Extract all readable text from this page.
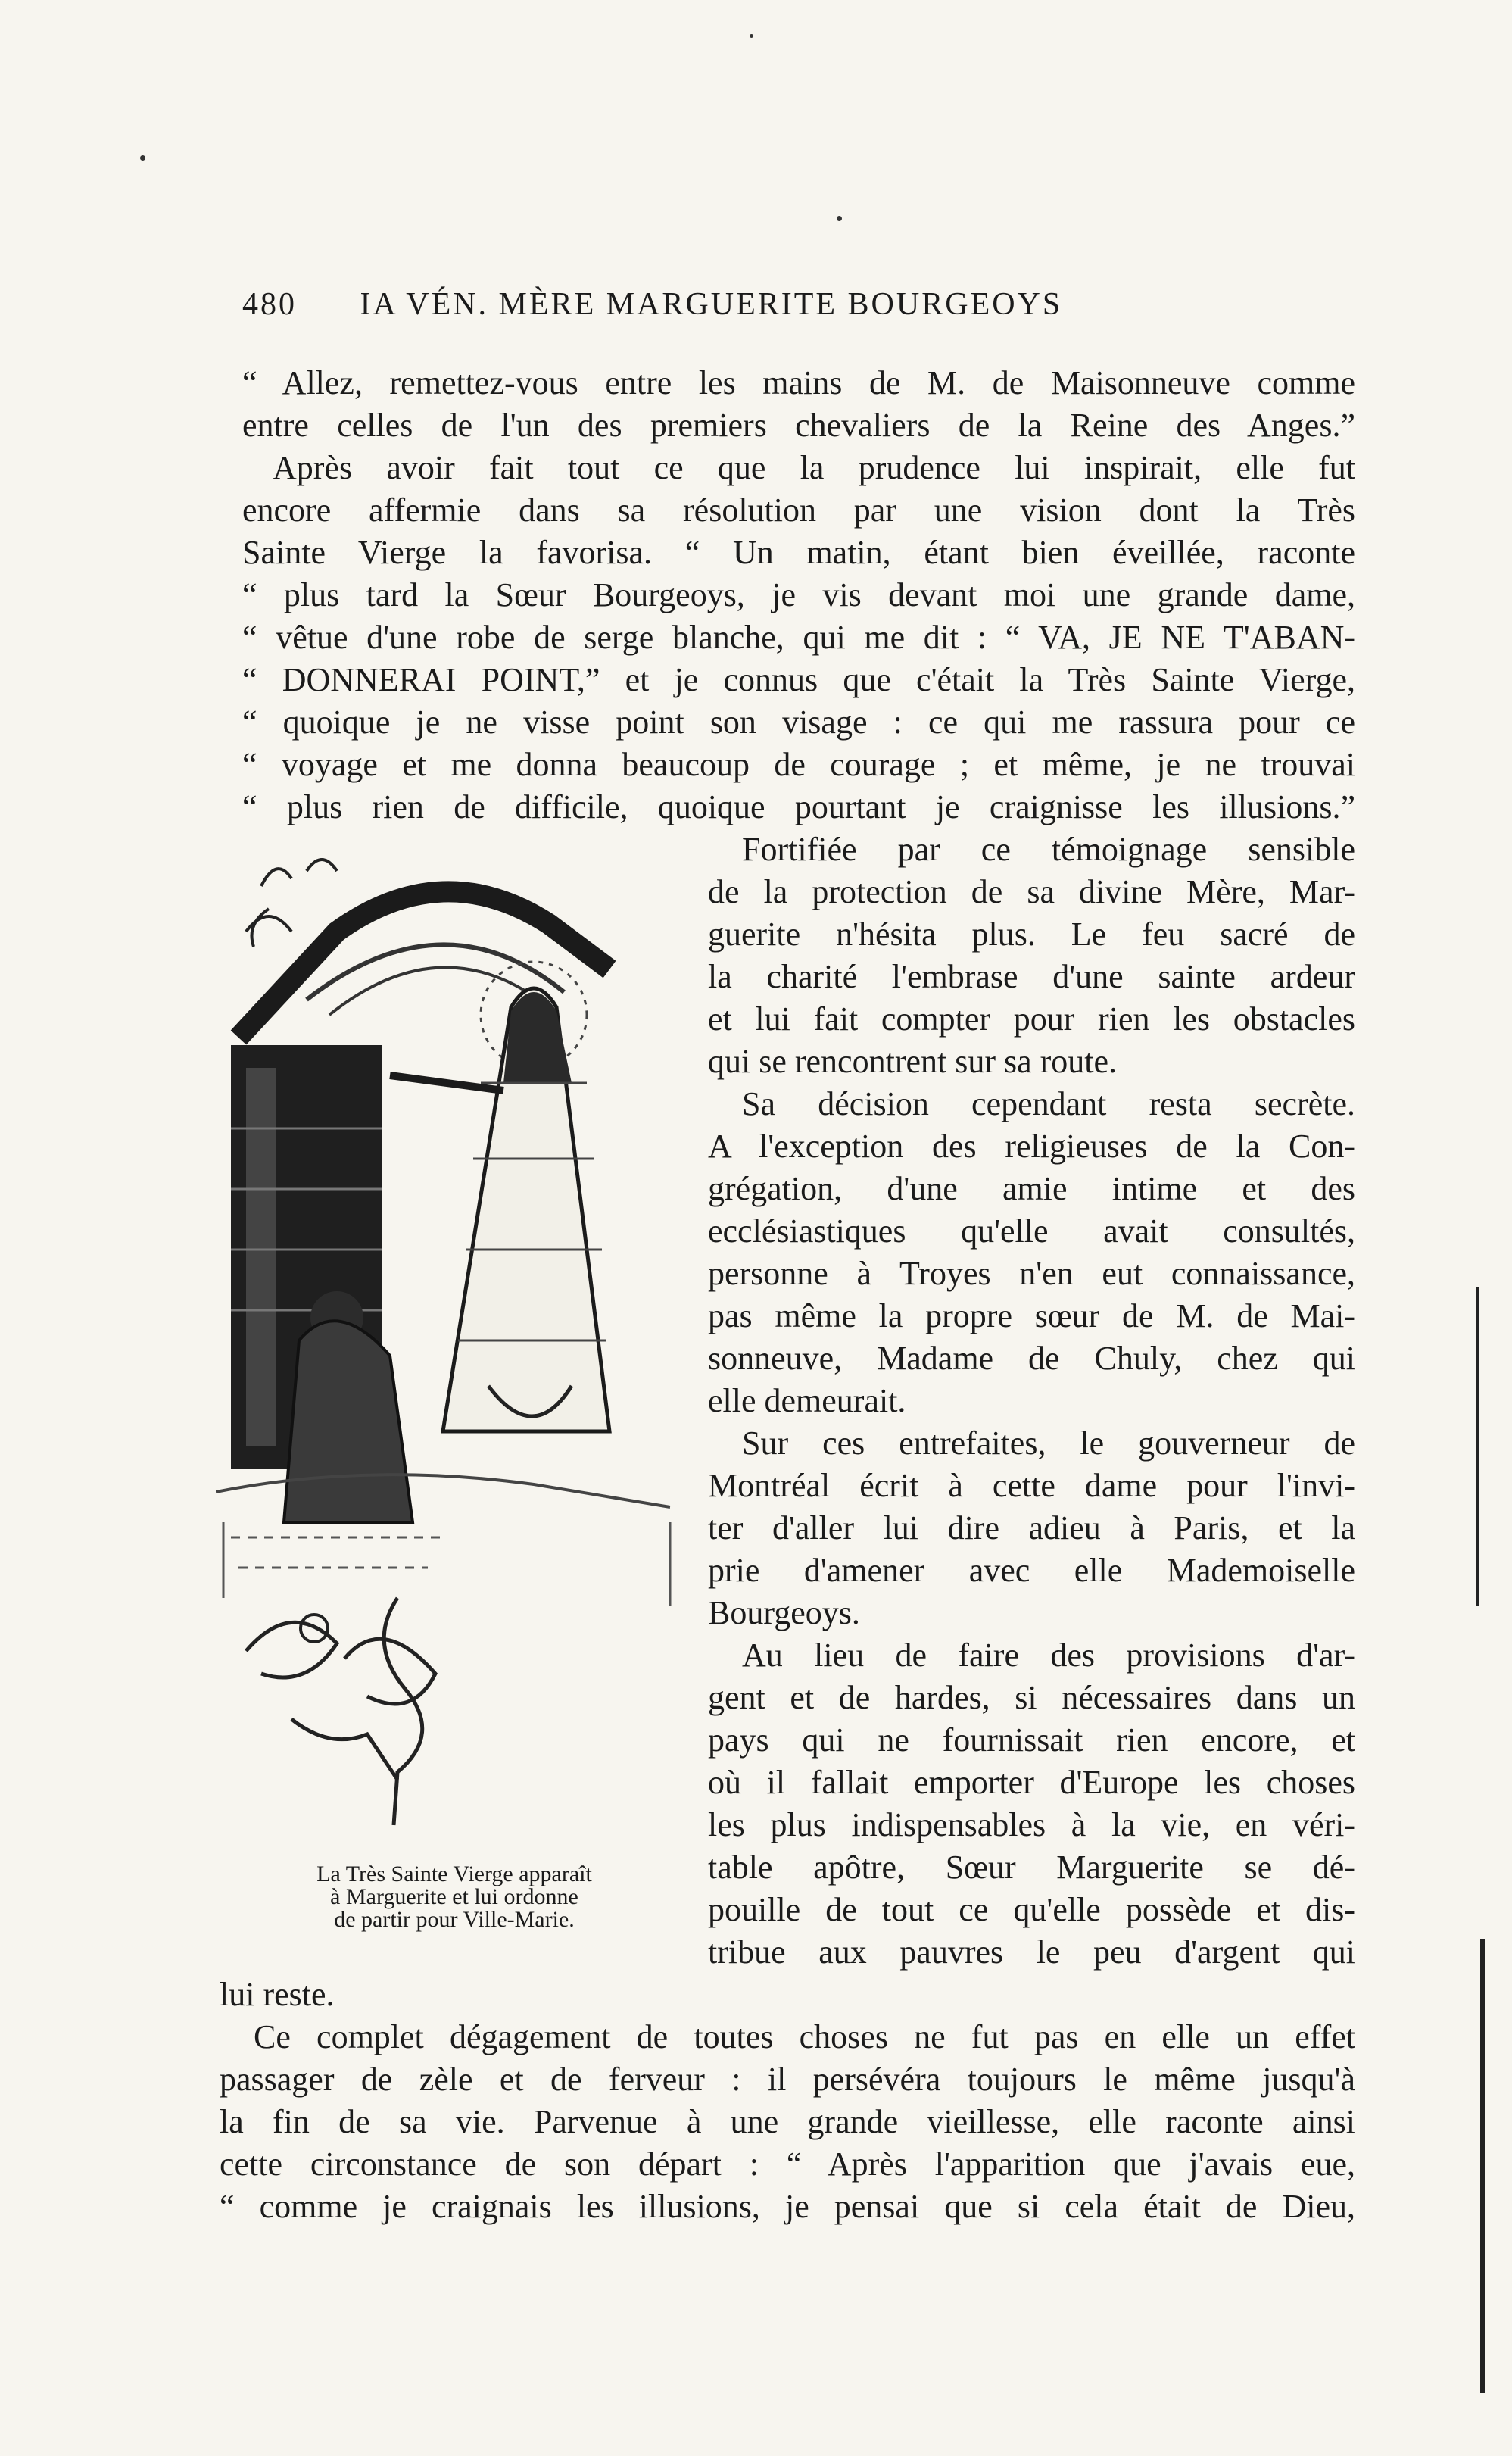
480 IA VÉN. MÈRE MARGUERITE BOURGEOYS
“ Allez, remettez-vous entre les mains de M. de Maisonneuve comme
entre celles de l'un des premiers chevaliers de la Reine des Anges.”
Après avoir fait tout ce que la prudence lui inspirait, elle fut
encore affermie dans sa résolution par une vision dont la Très
Sainte Vierge la favorisa. “ Un matin, étant bien éveillée, raconte
“ plus tard la Sœur Bourgeoys, je vis devant moi une grande dame,
“ vêtue d'une robe de serge blanche, qui me dit : “ VA, JE NE T'ABAN-
“ DONNERAI POINT,” et je connus que c'était la Très Sainte Vierge,
“ quoique je ne visse point son visage : ce qui me rassura pour ce
“ voyage et me donna beaucoup de courage ; et même, je ne trouvai
“ plus rien de difficile, quoique pourtant je craignisse les illusions.”
La Très Sainte Vierge apparaît
à Marguerite et lui ordonne
de partir pour Ville-Marie.
Fortifiée par ce témoignage sensible
de la protection de sa divine Mère, Mar-
guerite n'hésita plus. Le feu sacré de
la charité l'embrase d'une sainte ardeur
et lui fait compter pour rien les obstacles
qui se rencontrent sur sa route.
Sa décision cependant resta secrète.
A l'exception des religieuses de la Con-
grégation, d'une amie intime et des
ecclésiastiques qu'elle avait consultés,
personne à Troyes n'en eut connaissance,
pas même la propre sœur de M. de Mai-
sonneuve, Madame de Chuly, chez qui
elle demeurait.
Sur ces entrefaites, le gouverneur de
Montréal écrit à cette dame pour l'invi-
ter d'aller lui dire adieu à Paris, et la
prie d'amener avec elle Mademoiselle
Bourgeoys.
Au lieu de faire des provisions d'ar-
gent et de hardes, si nécessaires dans un
pays qui ne fournissait rien encore, et
où il fallait emporter d'Europe les choses
les plus indispensables à la vie, en véri-
table apôtre, Sœur Marguerite se dé-
pouille de tout ce qu'elle possède et dis-
tribue aux pauvres le peu d'argent qui
lui reste.
Ce complet dégagement de toutes choses ne fut pas en elle un effet
passager de zèle et de ferveur : il persévéra toujours le même jusqu'à
la fin de sa vie. Parvenue à une grande vieillesse, elle raconte ainsi
cette circonstance de son départ : “ Après l'apparition que j'avais eue,
“ comme je craignais les illusions, je pensai que si cela était de Dieu,
